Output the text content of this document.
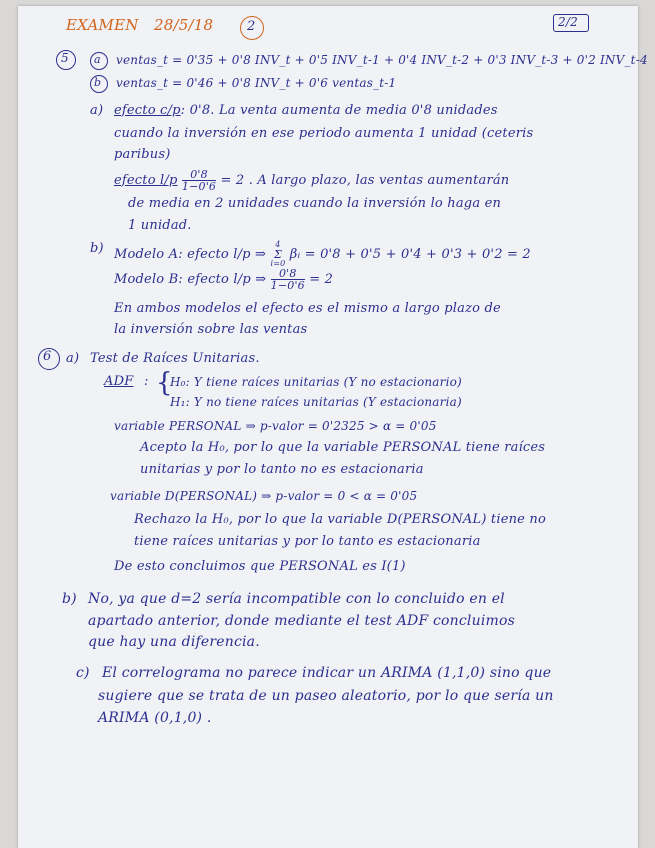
EXAMEN 28/5/18	2	2/2
5 a ventas_t = 0'35 + 0'8 INV_t + 0'5 INV_t-1 + 0'4 INV_t-2 + 0'3 INV_t-3 + 0'2 INV_t-4
b ventas_t = 0'46 + 0'8 INV_t + 0'6 ventas_t-1
a) efecto c/p: 0'8. La venta aumenta de media 0'8 unidades
cuando la inversión en ese periodo aumenta 1 unidad (ceteris
paribus)
efecto $l/p \frac{0'8}{1-0'6} = 2$ . A largo plazo, las ventas aumentarán
de media en 2 unidades cuando la inversión lo haga en
1 unidad.
b) Modelo A: efecto l/p ⇒
4
Σ
i=0
βᵢ = 0'8 + 0'5 + 0'4 + 0'3 + 0'2 = 2
Modelo B: efecto l/p ⇒ $\frac{0'8}{1-0'6} = 2$
En ambos modelos el efecto es el mismo a largo plazo de
la inversión sobre las ventas
6 a) Test de Raíces Unitarias.
ADF : {
H₀: Y tiene raíces unitarias (Y no estacionario)
H₁: Y no tiene raíces unitarias (Y estacionaria)
variable PERSONAL ⇒ p-valor = 0'2325 > α = 0'05
Acepto la H₀, por lo que la variable PERSONAL tiene raíces
unitarias y por lo tanto no es estacionaria
variable D(PERSONAL) ⇒ p-valor = 0 < α = 0'05
Rechazo la H₀, por lo que la variable D(PERSONAL) tiene no
tiene raíces unitarias y por lo tanto es estacionaria
De esto concluimos que PERSONAL es I(1)
b) No, ya que d=2 sería incompatible con lo concluido en el
apartado anterior, donde mediante el test ADF concluimos
que hay una diferencia.
c) El correlograma no parece indicar un ARIMA (1,1,0) sino que
sugiere que se trata de un paseo aleatorio, por lo que sería un
ARIMA (0,1,0) .
